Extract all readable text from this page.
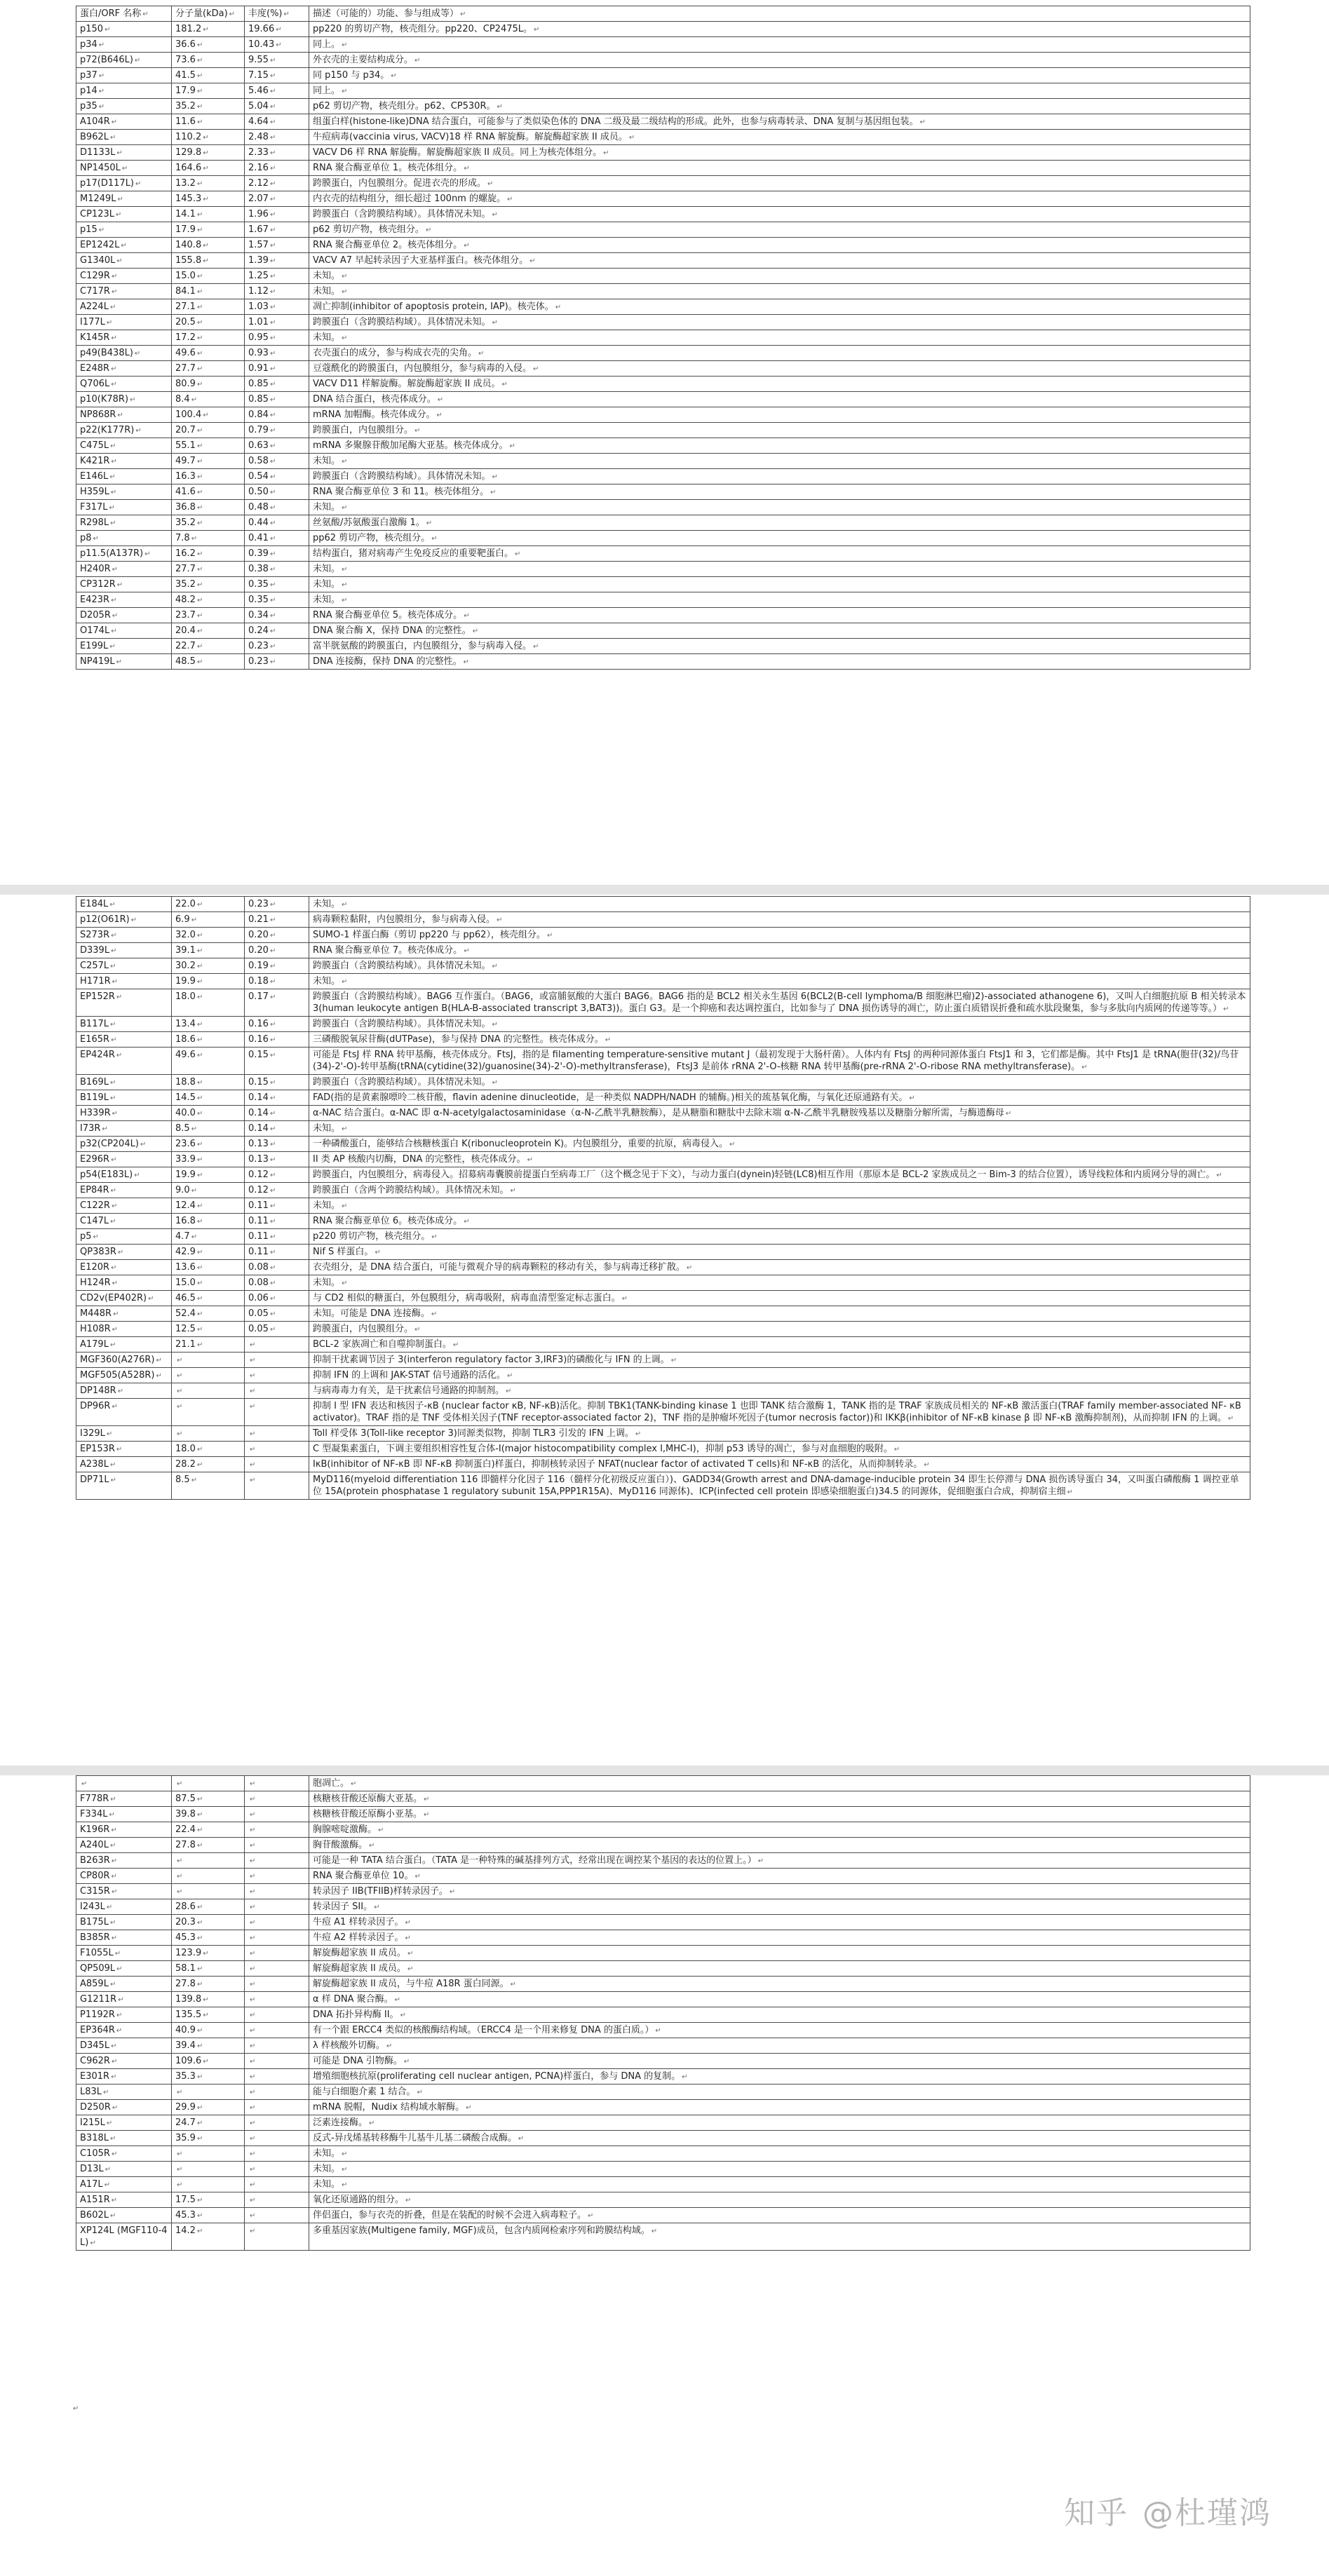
蛋白/ORF 名称 ↵	分子量(kDa) ↵	丰度(%) ↵	描述（可能的）功能、参与组成等） ↵
p150 ↵	181.2 ↵	19.66 ↵	pp220 的剪切产物，核壳组分。pp220、CP2475L。 ↵
p34 ↵	36.6 ↵	10.43 ↵	同上。 ↵
p72(B646L) ↵	73.6 ↵	9.55 ↵	外衣壳的主要结构成分。 ↵
p37 ↵	41.5 ↵	7.15 ↵	同 p150 与 p34。 ↵
p14 ↵	17.9 ↵	5.46 ↵	同上。 ↵
p35 ↵	35.2 ↵	5.04 ↵	p62 剪切产物，核壳组分。p62、CP530R。 ↵
A104R ↵	11.6 ↵	4.64 ↵	组蛋白样(histone-like)DNA 结合蛋白，可能参与了类似染色体的 DNA 二级及最二级结构的形成。此外，也参与病毒转录、DNA 复制与基因组包装。 ↵
B962L ↵	110.2 ↵	2.48 ↵	牛痘病毒(vaccinia virus, VACV)18 样 RNA 解旋酶。解旋酶超家族 II 成员。 ↵
D1133L ↵	129.8 ↵	2.33 ↵	VACV D6 样 RNA 解旋酶。解旋酶超家族 II 成员。同上为核壳体组分。 ↵
NP1450L ↵	164.6 ↵	2.16 ↵	RNA 聚合酶亚单位 1。核壳体组分。 ↵
p17(D117L) ↵	13.2 ↵	2.12 ↵	跨膜蛋白，内包膜组分。促进衣壳的形成。 ↵
M1249L ↵	145.3 ↵	2.07 ↵	内衣壳的结构组分，细长超过 100nm 的螺旋。 ↵
CP123L ↵	14.1 ↵	1.96 ↵	跨膜蛋白（含跨膜结构域）。具体情况未知。 ↵
p15 ↵	17.9 ↵	1.67 ↵	p62 剪切产物，核壳组分。 ↵
EP1242L ↵	140.8 ↵	1.57 ↵	RNA 聚合酶亚单位 2。核壳体组分。 ↵
G1340L ↵	155.8 ↵	1.39 ↵	VACV A7 早起转录因子大亚基样蛋白。核壳体组分。 ↵
C129R ↵	15.0 ↵	1.25 ↵	未知。 ↵
C717R ↵	84.1 ↵	1.12 ↵	未知。 ↵
A224L ↵	27.1 ↵	1.03 ↵	凋亡抑制(inhibitor of apoptosis protein, IAP)。核壳体。 ↵
I177L ↵	20.5 ↵	1.01 ↵	跨膜蛋白（含跨膜结构域）。具体情况未知。 ↵
K145R ↵	17.2 ↵	0.95 ↵	未知。 ↵
p49(B438L) ↵	49.6 ↵	0.93 ↵	衣壳蛋白的成分，参与构成衣壳的尖角。 ↵
E248R ↵	27.7 ↵	0.91 ↵	豆蔻酰化的跨膜蛋白，内包膜组分，参与病毒的入侵。 ↵
Q706L ↵	80.9 ↵	0.85 ↵	VACV D11 样解旋酶。解旋酶超家族 II 成员。 ↵
p10(K78R) ↵	8.4 ↵	0.85 ↵	DNA 结合蛋白，核壳体成分。 ↵
NP868R ↵	100.4 ↵	0.84 ↵	mRNA 加帽酶。核壳体成分。 ↵
p22(K177R) ↵	20.7 ↵	0.79 ↵	跨膜蛋白，内包膜组分。 ↵
C475L ↵	55.1 ↵	0.63 ↵	mRNA 多聚腺苷酸加尾酶大亚基。核壳体成分。 ↵
K421R ↵	49.7 ↵	0.58 ↵	未知。 ↵
E146L ↵	16.3 ↵	0.54 ↵	跨膜蛋白（含跨膜结构域）。具体情况未知。 ↵
H359L ↵	41.6 ↵	0.50 ↵	RNA 聚合酶亚单位 3 和 11。核壳体组分。 ↵
F317L ↵	36.8 ↵	0.48 ↵	未知。 ↵
R298L ↵	35.2 ↵	0.44 ↵	丝氨酸/苏氨酸蛋白激酶 1。 ↵
p8 ↵	7.8 ↵	0.41 ↵	pp62 剪切产物，核壳组分。 ↵
p11.5(A137R) ↵	16.2 ↵	0.39 ↵	结构蛋白，猪对病毒产生免疫反应的重要靶蛋白。 ↵
H240R ↵	27.7 ↵	0.38 ↵	未知。 ↵
CP312R ↵	35.2 ↵	0.35 ↵	未知。 ↵
E423R ↵	48.2 ↵	0.35 ↵	未知。 ↵
D205R ↵	23.7 ↵	0.34 ↵	RNA 聚合酶亚单位 5。核壳体成分。 ↵
O174L ↵	20.4 ↵	0.24 ↵	DNA 聚合酶 X，保持 DNA 的完整性。 ↵
E199L ↵	22.7 ↵	0.23 ↵	富半胱氨酸的跨膜蛋白，内包膜组分，参与病毒入侵。 ↵
NP419L ↵	48.5 ↵	0.23 ↵	DNA 连接酶，保持 DNA 的完整性。 ↵
E184L ↵	22.0 ↵	0.23 ↵	未知。 ↵
p12(O61R) ↵	6.9 ↵	0.21 ↵	病毒颗粒黏附，内包膜组分，参与病毒入侵。 ↵
S273R ↵	32.0 ↵	0.20 ↵	SUMO-1 样蛋白酶（剪切 pp220 与 pp62），核壳组分。 ↵
D339L ↵	39.1 ↵	0.20 ↵	RNA 聚合酶亚单位 7。核壳体成分。 ↵
C257L ↵	30.2 ↵	0.19 ↵	跨膜蛋白（含跨膜结构域）。具体情况未知。 ↵
H171R ↵	19.9 ↵	0.18 ↵	未知。 ↵
EP152R ↵	18.0 ↵	0.17 ↵	跨膜蛋白（含跨膜结构域）。BAG6 互作蛋白。（BAG6，或富脯氨酸的大蛋白 BAG6。BAG6 指的是 BCL2 相关永生基因 6(BCL2(B-cell lymphoma/B 细胞淋巴瘤)2)-associated athanogene 6)，又叫人白细胞抗原 B 相关转录本 3(human leukocyte antigen B(HLA-B-associated transcript 3,BAT3))。蛋白 G3。是一个抑癌和表达调控蛋白，比如参与了 DNA 损伤诱导的凋亡，防止蛋白质错误折叠和疏水肽段聚集，参与多肽向内质网的传递等等。） ↵
B117L ↵	13.4 ↵	0.16 ↵	跨膜蛋白（含跨膜结构域）。具体情况未知。 ↵
E165R ↵	18.6 ↵	0.16 ↵	三磷酸脱氧尿苷酶(dUTPase)，参与保持 DNA 的完整性。核壳体成分。 ↵
EP424R ↵	49.6 ↵	0.15 ↵	可能是 FtsJ 样 RNA 转甲基酶，核壳体成分。FtsJ，指的是 filamenting temperature-sensitive mutant J（最初发现于大肠杆菌）。人体内有 FtsJ 的两种同源体蛋白 FtsJ1 和 3，它们都是酶。其中 FtsJ1 是 tRNA(胞苷(32)/鸟苷(34)-2'-O)-转甲基酶(tRNA(cytidine(32)/guanosine(34)-2'-O)-methyltransferase)，FtsJ3 是前体 rRNA 2'-O-核糖 RNA 转甲基酶(pre-rRNA 2'-O-ribose RNA methyltransferase)。 ↵
B169L ↵	18.8 ↵	0.15 ↵	跨膜蛋白（含跨膜结构域）。具体情况未知。 ↵
B119L ↵	14.5 ↵	0.14 ↵	FAD(指的是黄素腺嘌呤二核苷酸，flavin adenine dinucleotide，是一种类似 NADPH/NADH 的辅酶。)相关的巯基氧化酶，与氧化还原通路有关。 ↵
H339R ↵	40.0 ↵	0.14 ↵	α-NAC 结合蛋白。α-NAC 即 α-N-acetylgalactosaminidase（α-N-乙酰半乳糖胺酶），是从糖脂和糖肽中去除末端 α-N-乙酰半乳糖胺残基以及糖脂分解所需，与酶遗酶母 ↵
I73R ↵	8.5 ↵	0.14 ↵	未知。 ↵
p32(CP204L) ↵	23.6 ↵	0.13 ↵	一种磷酸蛋白，能够结合核糖核蛋白 K(ribonucleoprotein K)。内包膜组分，重要的抗原，病毒侵入。 ↵
E296R ↵	33.9 ↵	0.13 ↵	II 类 AP 核酸内切酶，DNA 的完整性，核壳体成分。 ↵
p54(E183L) ↵	19.9 ↵	0.12 ↵	跨膜蛋白，内包膜组分，病毒侵入。招募病毒囊膜前提蛋白至病毒工厂（这个概念见于下文），与动力蛋白(dynein)轻链(LC8)相互作用（那原本是 BCL-2 家族成员之一 Bim-3 的结合位置），诱导线粒体和内质网分导的凋亡。 ↵
EP84R ↵	9.0 ↵	0.12 ↵	跨膜蛋白（含两个跨膜结构域）。具体情况未知。 ↵
C122R ↵	12.4 ↵	0.11 ↵	未知。 ↵
C147L ↵	16.8 ↵	0.11 ↵	RNA 聚合酶亚单位 6。核壳体成分。 ↵
p5 ↵	4.7 ↵	0.11 ↵	p220 剪切产物，核壳组分。 ↵
QP383R ↵	42.9 ↵	0.11 ↵	Nif S 样蛋白。 ↵
E120R ↵	13.6 ↵	0.08 ↵	衣壳组分，是 DNA 结合蛋白，可能与微观介导的病毒颗粒的移动有关，参与病毒迁移扩散。 ↵
H124R ↵	15.0 ↵	0.08 ↵	未知。 ↵
CD2v(EP402R) ↵	46.5 ↵	0.06 ↵	与 CD2 相似的糖蛋白，外包膜组分，病毒吸附，病毒血清型鉴定标志蛋白。 ↵
M448R ↵	52.4 ↵	0.05 ↵	未知。可能是 DNA 连接酶。 ↵
H108R ↵	12.5 ↵	0.05 ↵	跨膜蛋白，内包膜组分。 ↵
A179L ↵	21.1 ↵	↵	BCL-2 家族凋亡和自噬抑制蛋白。 ↵
MGF360(A276R) ↵	↵	↵	抑制干扰素调节因子 3(interferon regulatory factor 3,IRF3)的磷酸化与 IFN 的上调。 ↵
MGF505(A528R) ↵	↵	↵	抑制 IFN 的上调和 JAK-STAT 信号通路的活化。 ↵
DP148R ↵	↵	↵	与病毒毒力有关，是干扰素信号通路的抑制剂。 ↵
DP96R ↵	↵	↵	抑制 I 型 IFN 表达和核因子-κB (nuclear factor κB, NF-κB)活化。抑制 TBK1(TANK-binding kinase 1 也即 TANK 结合激酶 1，TANK 指的是 TRAF 家族成员相关的 NF-κB 激活蛋白(TRAF family member-associated NF- κB activator)。TRAF 指的是 TNF 受体相关因子(TNF receptor-associated factor 2)，TNF 指的是肿瘤坏死因子(tumor necrosis factor))和 IKKβ(inhibitor of NF-κB kinase β 即 NF-κB 激酶抑制剂)，从而抑制 IFN 的上调。 ↵
I329L ↵	↵	↵	Toll 样受体 3(Toll-like receptor 3)同源类似物，抑制 TLR3 引发的 IFN 上调。 ↵
EP153R ↵	18.0 ↵	↵	C 型凝集素蛋白，下调主要组织相容性复合体-I(major histocompatibility complex I,MHC-I)，抑制 p53 诱导的凋亡，参与对血细胞的吸附。 ↵
A238L ↵	28.2 ↵	↵	IκB(inhibitor of NF-κB 即 NF-κB 抑制蛋白)样蛋白，抑制核转录因子 NFAT(nuclear factor of activated T cells)和 NF-κB 的活化，从而抑制转录。 ↵
DP71L ↵	8.5 ↵	↵	MyD116(myeloid differentiation 116 即髓样分化因子 116（髓样分化初级反应蛋白）)、GADD34(Growth arrest and DNA-damage-inducible protein 34 即生长停滞与 DNA 损伤诱导蛋白 34，又叫蛋白磷酸酶 1 调控亚单位 15A(protein phosphatase 1 regulatory subunit 15A,PPP1R15A)、MyD116 同源体)、ICP(infected cell protein 即感染细胞蛋白)34.5 的同源体，促细胞蛋白合成，抑制宿主细 ↵
↵	↵	↵	胞凋亡。 ↵
F778R ↵	87.5 ↵	↵	核糖核苷酸还原酶大亚基。 ↵
F334L ↵	39.8 ↵	↵	核糖核苷酸还原酶小亚基。 ↵
K196R ↵	22.4 ↵	↵	胸腺嘧啶激酶。 ↵
A240L ↵	27.8 ↵	↵	胸苷酸激酶。 ↵
B263R ↵	↵	↵	可能是一种 TATA 结合蛋白。（TATA 是一种特殊的碱基排列方式，经常出现在调控某个基因的表达的位置上。） ↵
CP80R ↵	↵	↵	RNA 聚合酶亚单位 10。 ↵
C315R ↵	↵	↵	转录因子 IIB(TFIIB)样转录因子。 ↵
I243L ↵	28.6 ↵	↵	转录因子 SII。 ↵
B175L ↵	20.3 ↵	↵	牛痘 A1 样转录因子。 ↵
B385R ↵	45.3 ↵	↵	牛痘 A2 样转录因子。 ↵
F1055L ↵	123.9 ↵	↵	解旋酶超家族 II 成员。 ↵
QP509L ↵	58.1 ↵	↵	解旋酶超家族 II 成员。 ↵
A859L ↵	27.8 ↵	↵	解旋酶超家族 II 成员，与牛痘 A18R 蛋白同源。 ↵
G1211R ↵	139.8 ↵	↵	α 样 DNA 聚合酶。 ↵
P1192R ↵	135.5 ↵	↵	DNA 拓扑异构酶 II。 ↵
EP364R ↵	40.9 ↵	↵	有一个跟 ERCC4 类似的核酸酶结构域。（ERCC4 是一个用来修复 DNA 的蛋白质。） ↵
D345L ↵	39.4 ↵	↵	λ 样核酸外切酶。 ↵
C962R ↵	109.6 ↵	↵	可能是 DNA 引物酶。 ↵
E301R ↵	35.3 ↵	↵	增殖细胞核抗原(proliferating cell nuclear antigen, PCNA)样蛋白，参与 DNA 的复制。 ↵
L83L ↵	↵	↵	能与白细胞介素 1 结合。 ↵
D250R ↵	29.9 ↵	↵	mRNA 脱帽，Nudix 结构域水解酶。 ↵
I215L ↵	24.7 ↵	↵	泛素连接酶。 ↵
B318L ↵	35.9 ↵	↵	反式-异戊烯基转移酶牛儿基牛儿基二磷酸合成酶。 ↵
C105R ↵	↵	↵	未知。 ↵
D13L ↵	↵	↵	未知。 ↵
A17L ↵	↵	↵	未知。 ↵
A151R ↵	17.5 ↵	↵	氧化还原通路的组分。 ↵
B602L ↵	45.3 ↵	↵	伴侣蛋白，参与衣壳的折叠，但是在装配的时候不会进入病毒粒子。 ↵
XP124L (MGF110-4L) ↵	14.2 ↵	↵	多重基因家族(Multigene family, MGF)成员，包含内质网检索序列和跨膜结构域。 ↵
↵
知乎 @杜瑾鸿
